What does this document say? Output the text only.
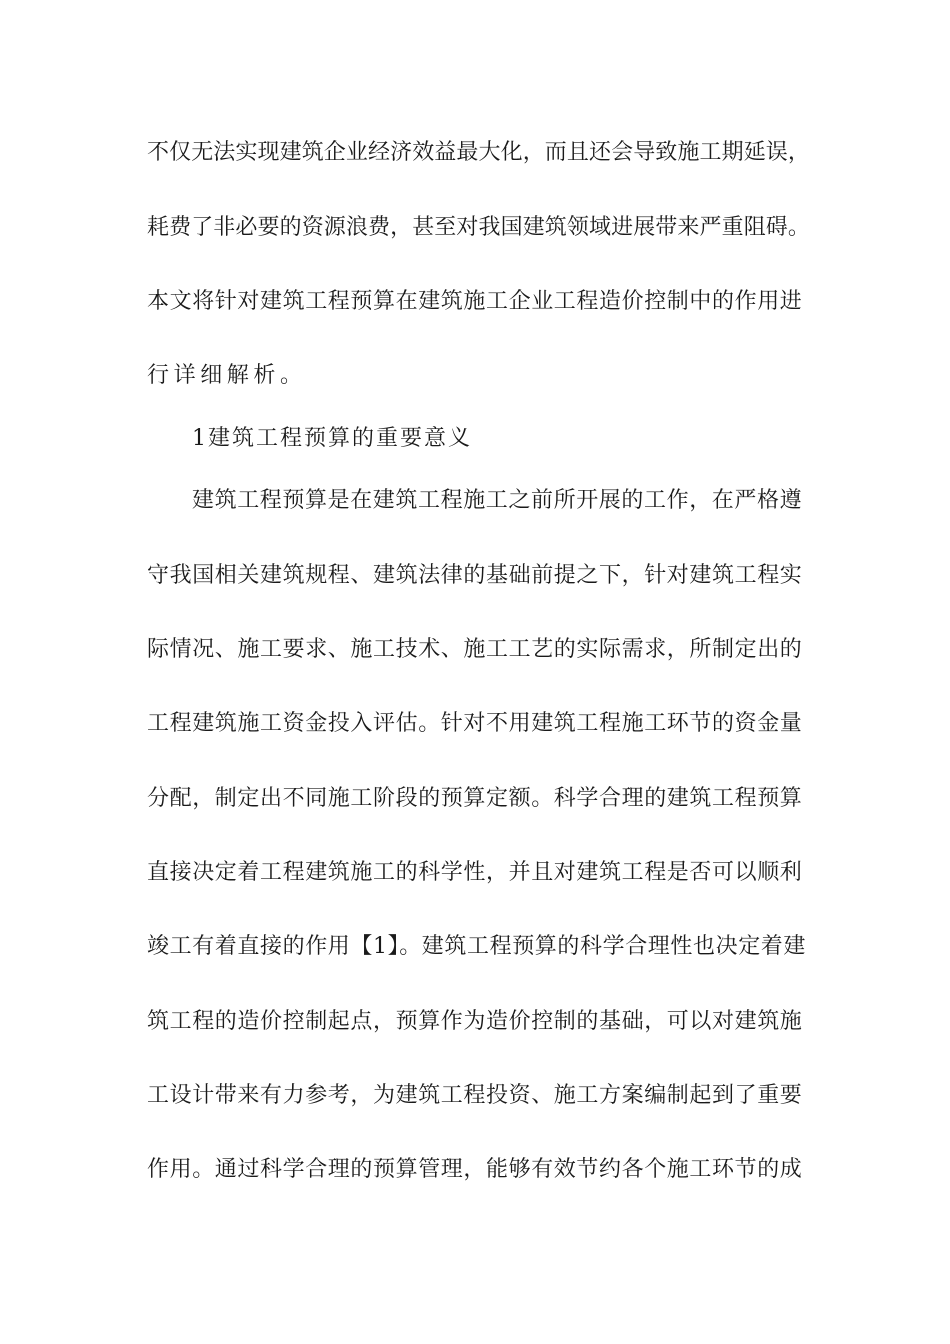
不仅无法实现建筑企业经济效益最大化，而且还会导致施工期延误，
耗费了非必要的资源浪费，甚至对我国建筑领域进展带来严重阻碍。
本文将针对建筑工程预算在建筑施工企业工程造价控制中的作用进
行详细解析。
1建筑工程预算的重要意义
建筑工程预算是在建筑工程施工之前所开展的工作，在严格遵
守我国相关建筑规程、建筑法律的基础前提之下，针对建筑工程实
际情况、施工要求、施工技术、施工工艺的实际需求，所制定出的
工程建筑施工资金投入评估。针对不用建筑工程施工环节的资金量
分配，制定出不同施工阶段的预算定额。科学合理的建筑工程预算
直接决定着工程建筑施工的科学性，并且对建筑工程是否可以顺利
竣工有着直接的作用【1】。建筑工程预算的科学合理性也决定着建
筑工程的造价控制起点，预算作为造价控制的基础，可以对建筑施
工设计带来有力参考，为建筑工程投资、施工方案编制起到了重要
作用。通过科学合理的预算管理，能够有效节约各个施工环节的成
